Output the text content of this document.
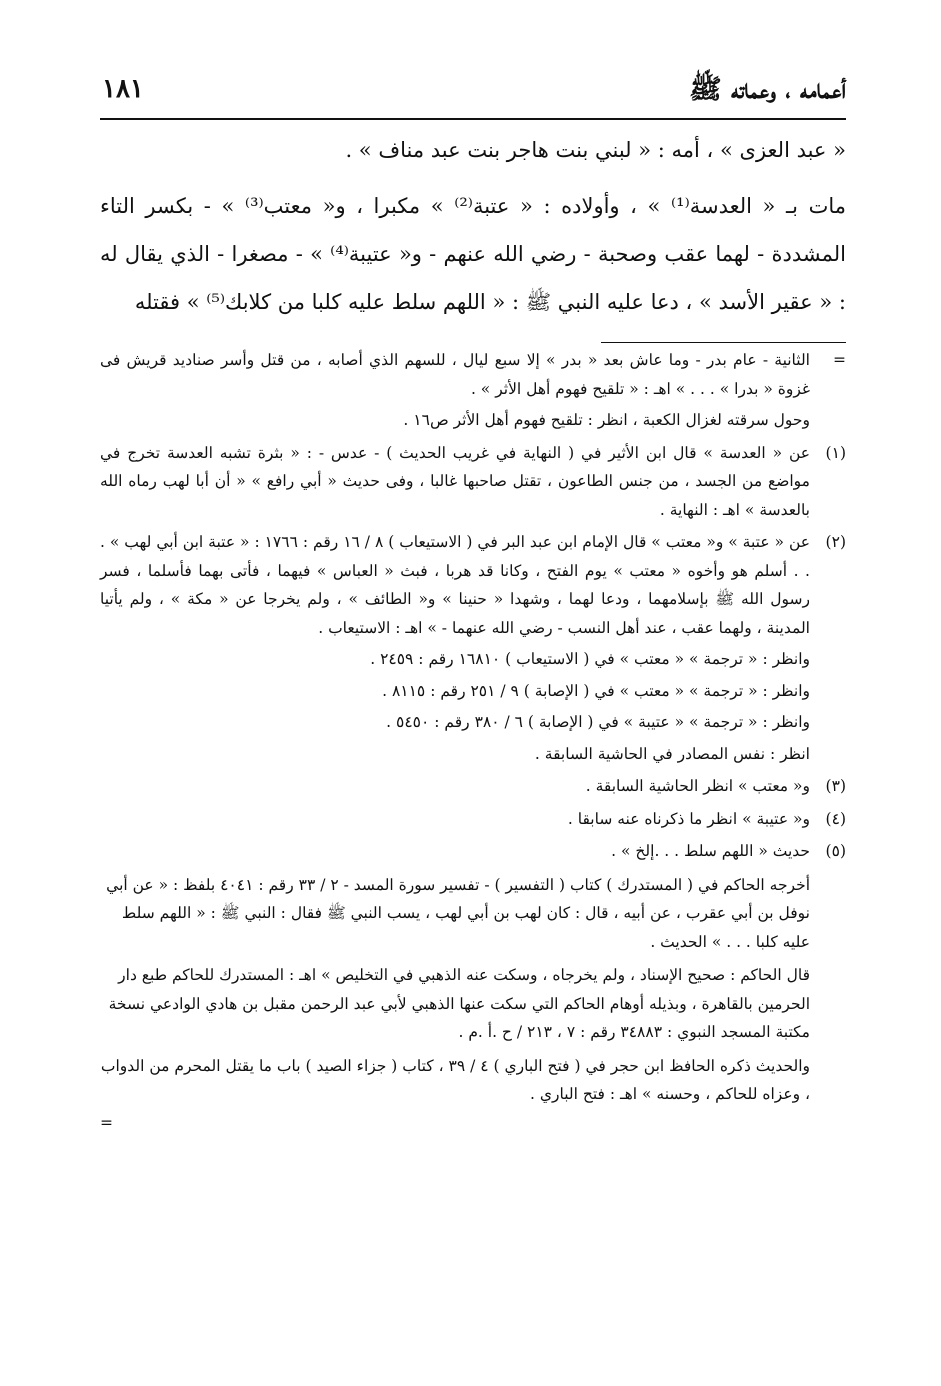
١٨١	أعمامه ، وعماته ﷺ

« عبد العزى » ، أمه : « لبني بنت هاجر بنت عبد مناف » .

مات بـ « العدسة⁽¹⁾ » ، وأولاده : « عتبة⁽²⁾ » مكبرا ، و« معتب⁽³⁾ » - بكسر التاء المشددة - لهما عقب وصحبة - رضي الله عنهم - و« عتيبة⁽⁴⁾ » - مصغرا - الذي يقال له : « عقير الأسد » ، دعا عليه النبي ﷺ : « اللهم سلط عليه كلبا من كلابك⁽⁵⁾ » فقتله

=

الثانية - عام بدر - وما عاش بعد « بدر » إلا سبع ليال ، للسهم الذي أصابه ، من قتل وأسر صناديد قريش فى غزوة « بدرا » . . . » اهـ : « تلقيح فهوم أهل الأثر » .

وحول سرقته لغزال الكعبة ، انظر : تلقيح فهوم أهل الأثر ص١٦ .

(١)

عن « العدسة » قال ابن الأثير في ( النهاية في غريب الحديث ) - عدس - : « بثرة تشبه العدسة تخرج في مواضع من الجسد ، من جنس الطاعون ، تقتل صاحبها غالبا ، وفى حديث « أبي رافع » « أن أبا لهب رماه الله بالعدسة » اهـ : النهاية .

(٢)

عن « عتبة » و« معتب » قال الإمام ابن عبد البر في ( الاستيعاب ) ٨ / ١٦ رقم : ١٧٦٦ : « عتبة ابن أبي لهب » . . . أسلم هو وأخوه « معتب » يوم الفتح ، وكانا قد هربا ، فبث « العباس » فيهما ، فأتى بهما فأسلما ، فسر رسول الله ﷺ بإسلامهما ، ودعا لهما ، وشهدا « حنينا » و« الطائف » ، ولم يخرجا عن « مكة » ، ولم يأتيا المدينة ، ولهما عقب ، عند أهل النسب - رضي الله عنهما - » اهـ : الاستيعاب .

وانظر : « ترجمة » « معتب » في ( الاستيعاب ) ١٦٨١٠ رقم : ٢٤٥٩ .

وانظر : « ترجمة » « معتب » في ( الإصابة ) ٩ / ٢٥١ رقم : ٨١١٥ .

وانظر : « ترجمة » « عتيبة » في ( الإصابة ) ٦ / ٣٨٠ رقم : ٥٤٥٠ .

انظر : نفس المصادر في الحاشية السابقة .

(٣)

و« معتب » انظر الحاشية السابقة .

(٤)

و« عتيبة » انظر ما ذكرناه عنه سابقا .

(٥)

حديث « اللهم سلط . . .إلخ » .

أخرجه الحاكم في ( المستدرك ) كتاب ( التفسير ) - تفسير سورة المسد - ٢ / ٣٣ رقم : ٤٠٤١ بلفظ : « عن أبي نوفل بن أبي عقرب ، عن أبيه ، قال : كان لهب بن أبي لهب ، يسب النبي ﷺ فقال : النبي ﷺ : « اللهم سلط عليه كلبا . . . » الحديث .

قال الحاكم : صحيح الإسناد ، ولم يخرجاه ، وسكت عنه الذهبي في التخليص » اهـ : المستدرك للحاكم طبع دار الحرمين بالقاهرة ، وبذيله أوهام الحاكم التي سكت عنها الذهبي لأبي عبد الرحمن مقبل بن هادي الوادعي نسخة مكتبة المسجد النبوي : ٣٤٨٨٣ رقم : ٧ ، ٢١٣ / ح .أ .م .

والحديث ذكره الحافظ ابن حجر في ( فتح الباري ) ٤ / ٣٩ ، كتاب ( جزاء الصيد ) باب ما يقتل المحرم من الدواب ، وعزاه للحاكم ، وحسنه » اهـ : فتح الباري .

=
